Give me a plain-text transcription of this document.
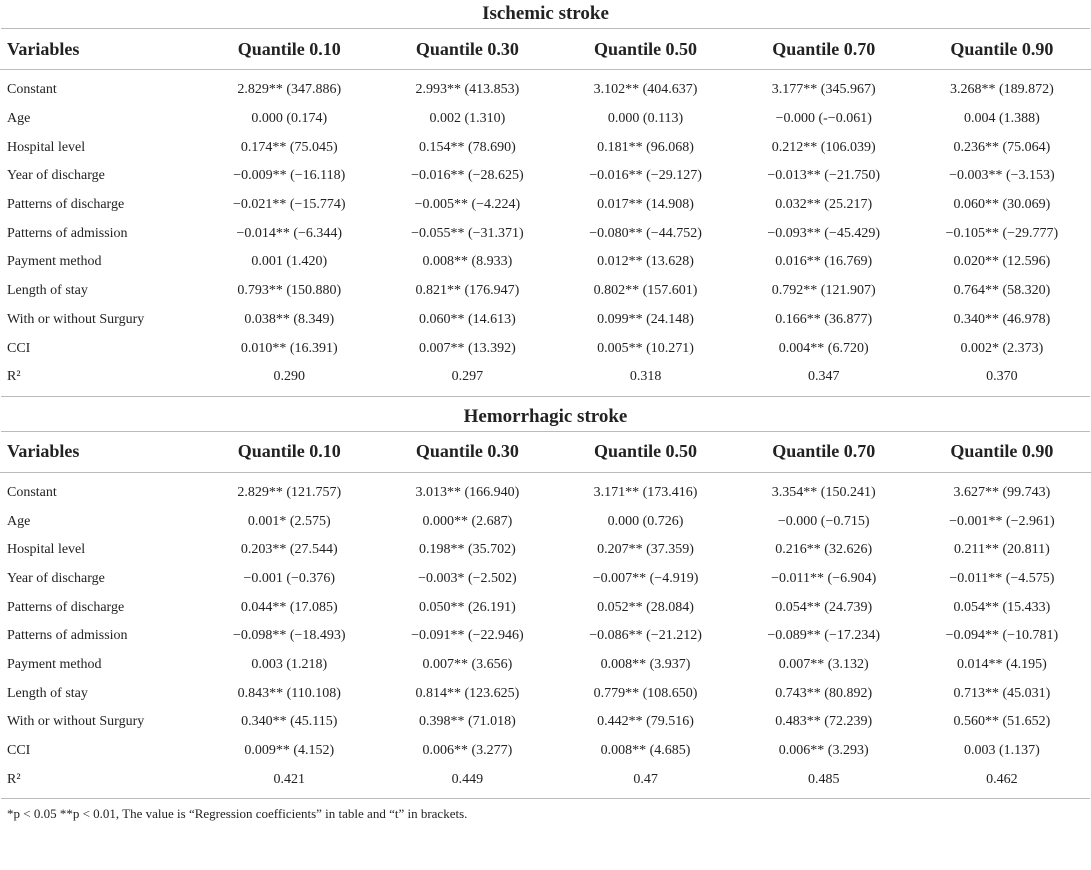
Ischemic stroke
Variables	Quantile 0.10	Quantile 0.30	Quantile 0.50	Quantile 0.70	Quantile 0.90

Constant	2.829** (347.886)	2.993** (413.853)	3.102** (404.637)	3.177** (345.967)	3.268** (189.872)
Age	0.000 (0.174)	0.002 (1.310)	0.000 (0.113)	−0.000 (-−0.061)	0.004 (1.388)
Hospital level	0.174** (75.045)	0.154** (78.690)	0.181** (96.068)	0.212** (106.039)	0.236** (75.064)
Year of discharge	−0.009** (−16.118)	−0.016** (−28.625)	−0.016** (−29.127)	−0.013** (−21.750)	−0.003** (−3.153)
Patterns of discharge	−0.021** (−15.774)	−0.005** (−4.224)	0.017** (14.908)	0.032** (25.217)	0.060** (30.069)
Patterns of admission	−0.014** (−6.344)	−0.055** (−31.371)	−0.080** (−44.752)	−0.093** (−45.429)	−0.105** (−29.777)
Payment method	0.001 (1.420)	0.008** (8.933)	0.012** (13.628)	0.016** (16.769)	0.020** (12.596)
Length of stay	0.793** (150.880)	0.821** (176.947)	0.802** (157.601)	0.792** (121.907)	0.764** (58.320)
With or without Surgury	0.038** (8.349)	0.060** (14.613)	0.099** (24.148)	0.166** (36.877)	0.340** (46.978)
CCI	0.010** (16.391)	0.007** (13.392)	0.005** (10.271)	0.004** (6.720)	0.002* (2.373)
R²	0.290	0.297	0.318	0.347	0.370
Hemorrhagic stroke
Variables	Quantile 0.10	Quantile 0.30	Quantile 0.50	Quantile 0.70	Quantile 0.90

Constant	2.829** (121.757)	3.013** (166.940)	3.171** (173.416)	3.354** (150.241)	3.627** (99.743)
Age	0.001* (2.575)	0.000** (2.687)	0.000 (0.726)	−0.000 (−0.715)	−0.001** (−2.961)
Hospital level	0.203** (27.544)	0.198** (35.702)	0.207** (37.359)	0.216** (32.626)	0.211** (20.811)
Year of discharge	−0.001 (−0.376)	−0.003* (−2.502)	−0.007** (−4.919)	−0.011** (−6.904)	−0.011** (−4.575)
Patterns of discharge	0.044** (17.085)	0.050** (26.191)	0.052** (28.084)	0.054** (24.739)	0.054** (15.433)
Patterns of admission	−0.098** (−18.493)	−0.091** (−22.946)	−0.086** (−21.212)	−0.089** (−17.234)	−0.094** (−10.781)
Payment method	0.003 (1.218)	0.007** (3.656)	0.008** (3.937)	0.007** (3.132)	0.014** (4.195)
Length of stay	0.843** (110.108)	0.814** (123.625)	0.779** (108.650)	0.743** (80.892)	0.713** (45.031)
With or without Surgury	0.340** (45.115)	0.398** (71.018)	0.442** (79.516)	0.483** (72.239)	0.560** (51.652)
CCI	0.009** (4.152)	0.006** (3.277)	0.008** (4.685)	0.006** (3.293)	0.003 (1.137)
R²	0.421	0.449	0.47	0.485	0.462
*p < 0.05 **p < 0.01, The value is “Regression coefficients” in table and “t” in brackets.
